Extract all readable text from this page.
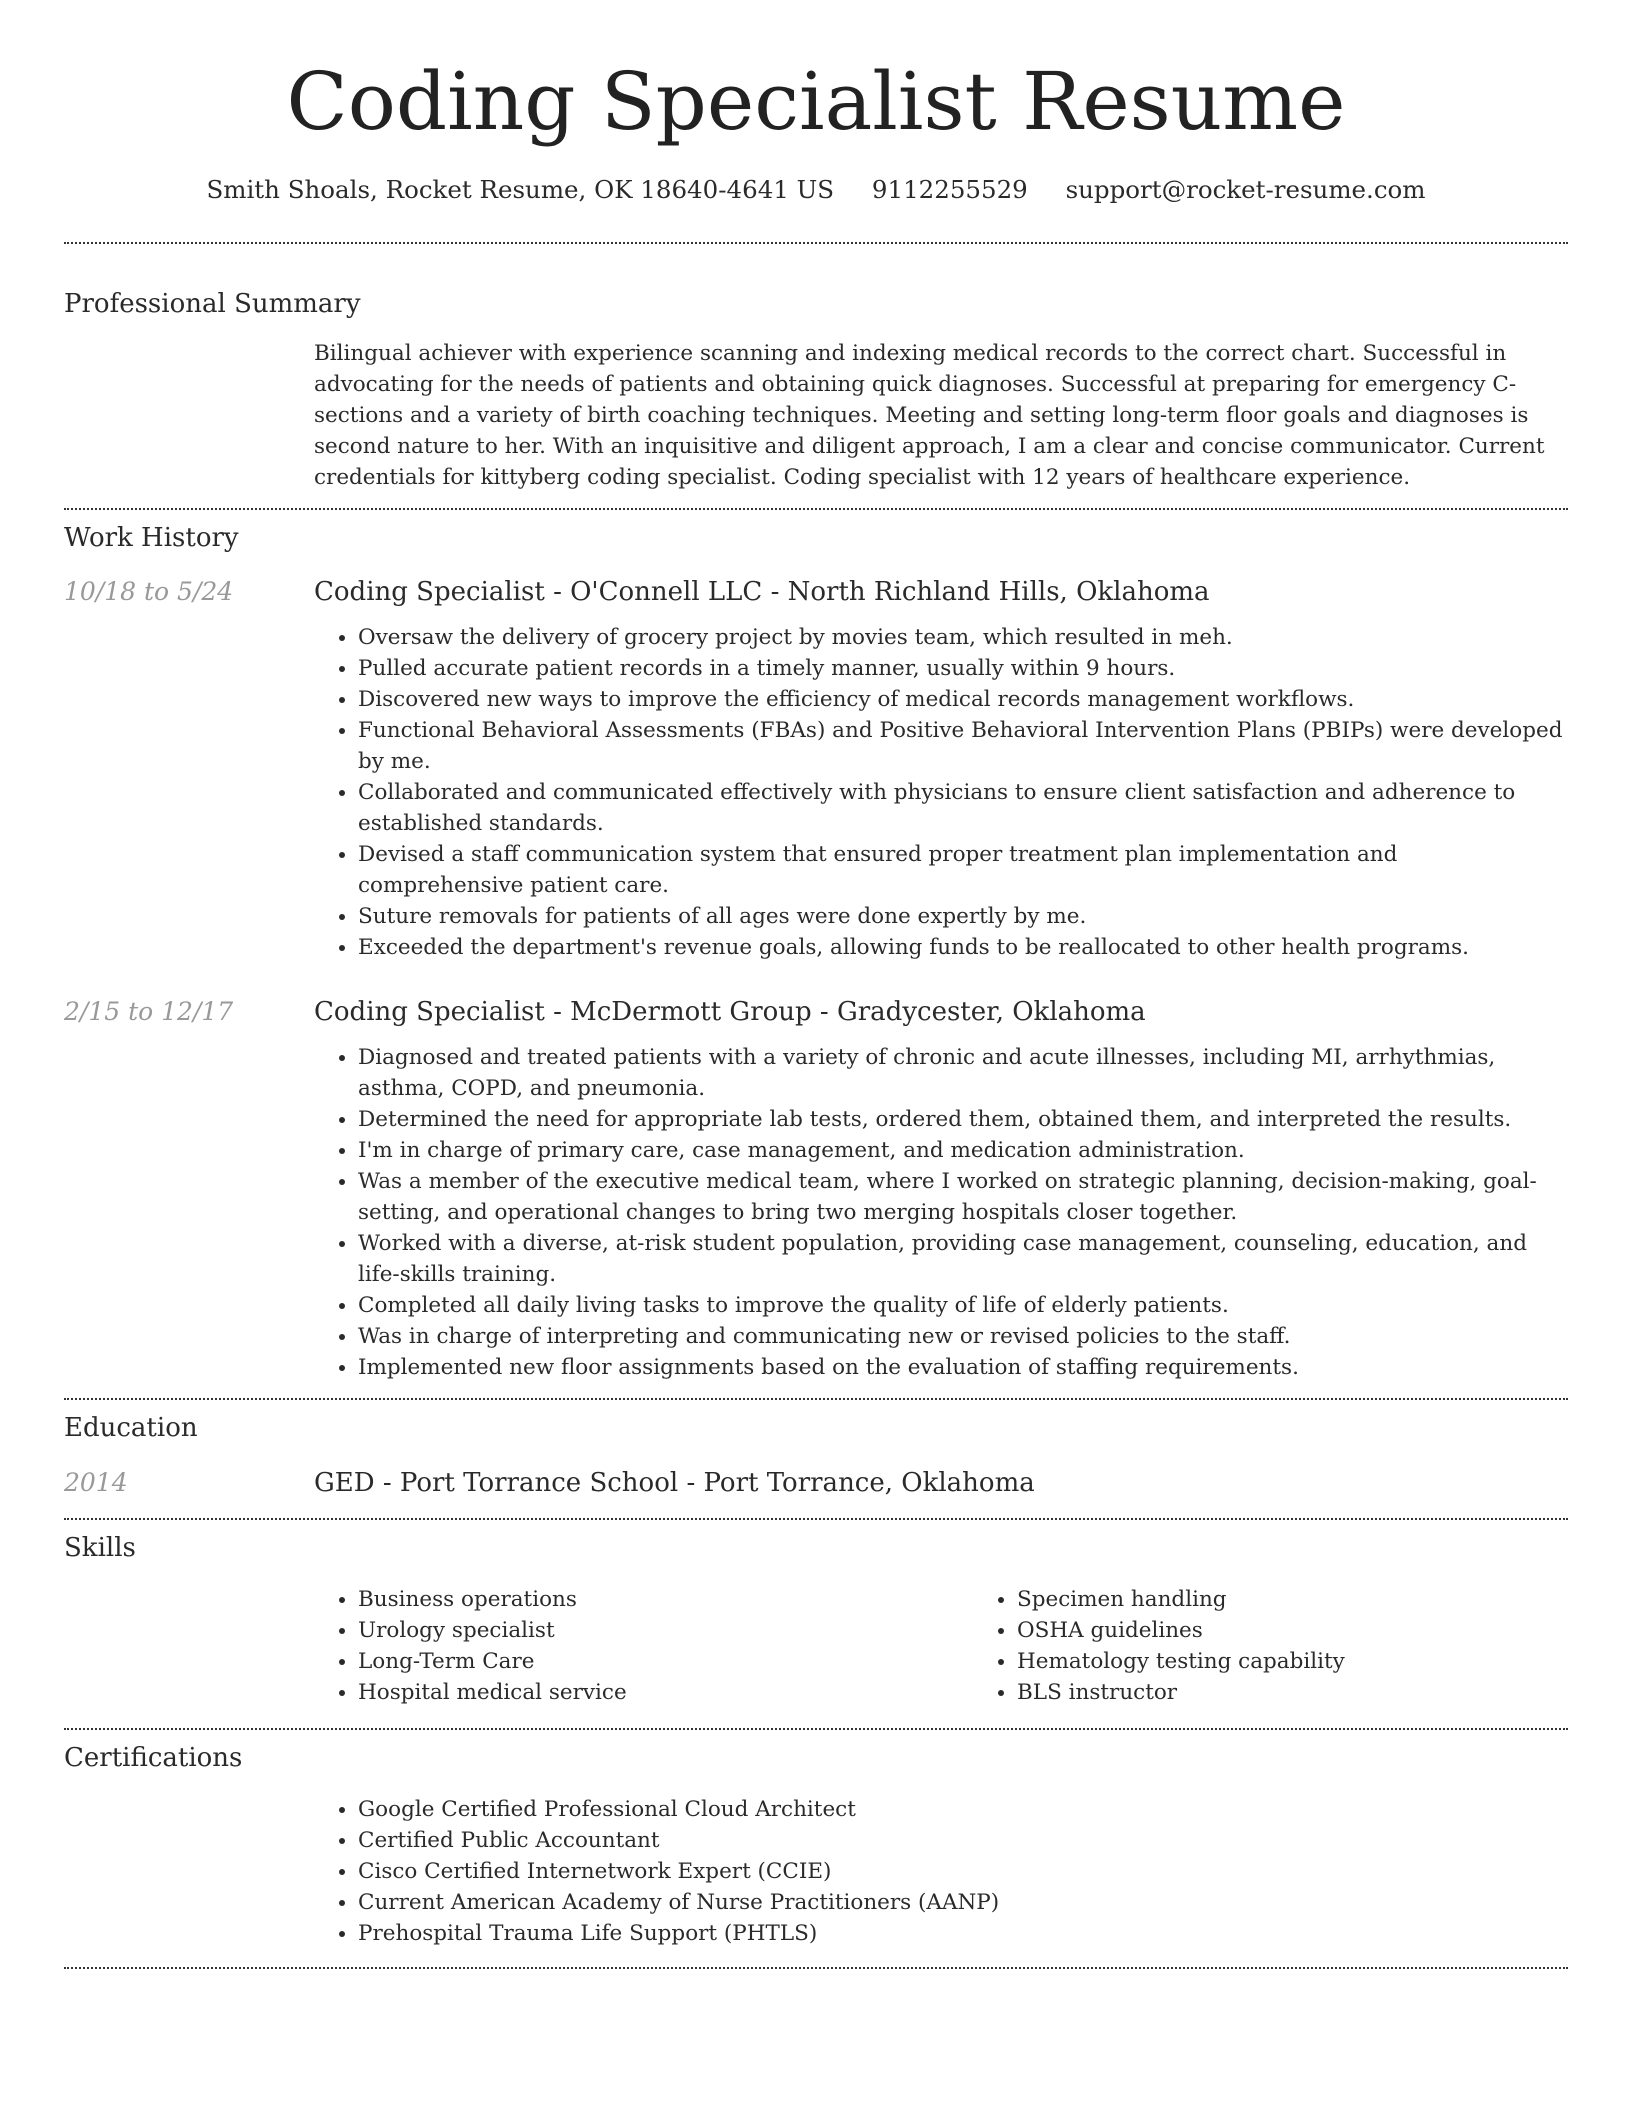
Coding Specialist Resume
Smith Shoals, Rocket Resume, OK 18640-4641 US 9112255529 support@rocket-resume.com
Professional Summary
Bilingual achiever with experience scanning and indexing medical records to the correct chart. Successful in advocating for the needs of patients and obtaining quick diagnoses. Successful at preparing for emergency C-sections and a variety of birth coaching techniques. Meeting and setting long-term floor goals and diagnoses is second nature to her. With an inquisitive and diligent approach, I am a clear and concise communicator. Current credentials for kittyberg coding specialist. Coding specialist with 12 years of healthcare experience.
Work History
10/18 to 5/24	Coding Specialist - O'Connell LLC - North Richland Hills, Oklahoma
• Oversaw the delivery of grocery project by movies team, which resulted in meh.
• Pulled accurate patient records in a timely manner, usually within 9 hours.
• Discovered new ways to improve the efficiency of medical records management workflows.
• Functional Behavioral Assessments (FBAs) and Positive Behavioral Intervention Plans (PBIPs) were developed by me.
• Collaborated and communicated effectively with physicians to ensure client satisfaction and adherence to established standards.
• Devised a staff communication system that ensured proper treatment plan implementation and comprehensive patient care.
• Suture removals for patients of all ages were done expertly by me.
• Exceeded the department's revenue goals, allowing funds to be reallocated to other health programs.
2/15 to 12/17	Coding Specialist - McDermott Group - Gradycester, Oklahoma
• Diagnosed and treated patients with a variety of chronic and acute illnesses, including MI, arrhythmias, asthma, COPD, and pneumonia.
• Determined the need for appropriate lab tests, ordered them, obtained them, and interpreted the results.
• I'm in charge of primary care, case management, and medication administration.
• Was a member of the executive medical team, where I worked on strategic planning, decision-making, goal-setting, and operational changes to bring two merging hospitals closer together.
• Worked with a diverse, at-risk student population, providing case management, counseling, education, and life-skills training.
• Completed all daily living tasks to improve the quality of life of elderly patients.
• Was in charge of interpreting and communicating new or revised policies to the staff.
• Implemented new floor assignments based on the evaluation of staffing requirements.
Education
2014	GED - Port Torrance School - Port Torrance, Oklahoma
Skills
• Business operations
• Urology specialist
• Long-Term Care
• Hospital medical service
• Specimen handling
• OSHA guidelines
• Hematology testing capability
• BLS instructor
Certifications
• Google Certified Professional Cloud Architect
• Certified Public Accountant
• Cisco Certified Internetwork Expert (CCIE)
• Current American Academy of Nurse Practitioners (AANP)
• Prehospital Trauma Life Support (PHTLS)
